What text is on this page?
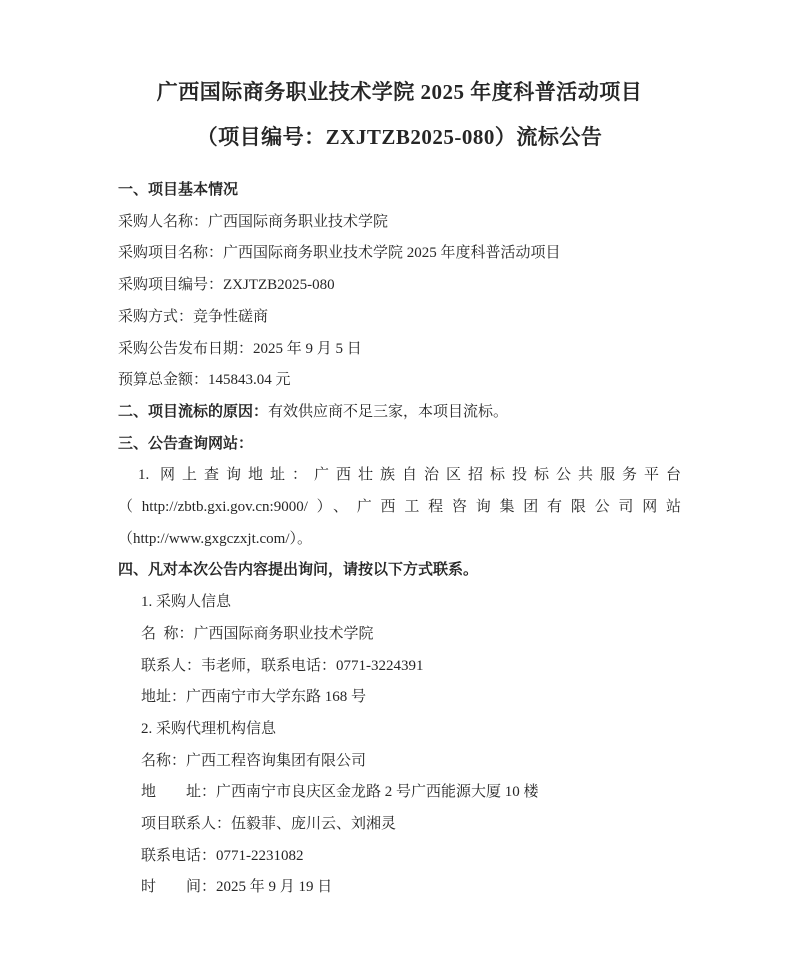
广西国际商务职业技术学院 2025 年度科普活动项目
（项目编号：ZXJTZB2025-080）流标公告

一、项目基本情况

采购人名称：广西国际商务职业技术学院

采购项目名称：广西国际商务职业技术学院 2025 年度科普活动项目

采购项目编号：ZXJTZB2025-080

采购方式：竞争性磋商

采购公告发布日期：2025 年 9 月 5 日

预算总金额：145843.04 元

二、项目流标的原因：有效供应商不足三家，本项目流标。

三、公告查询网站：

1. 网上查询地址：广西壮族自治区招标投标公共服务平台

（http://zbtb.gxi.gov.cn:9000/）、广西工程咨询集团有限公司网站

（http://www.gxgczxjt.com/）。

四、凡对本次公告内容提出询问，请按以下方式联系。

1. 采购人信息

名  称：广西国际商务职业技术学院

联系人：韦老师，联系电话：0771-3224391

地址：广西南宁市大学东路 168 号

2. 采购代理机构信息

名称：广西工程咨询集团有限公司

地　　址：广西南宁市良庆区金龙路 2 号广西能源大厦 10 楼

项目联系人：伍毅菲、庞川云、刘湘灵

联系电话：0771-2231082

时　　间：2025 年 9 月 19 日
